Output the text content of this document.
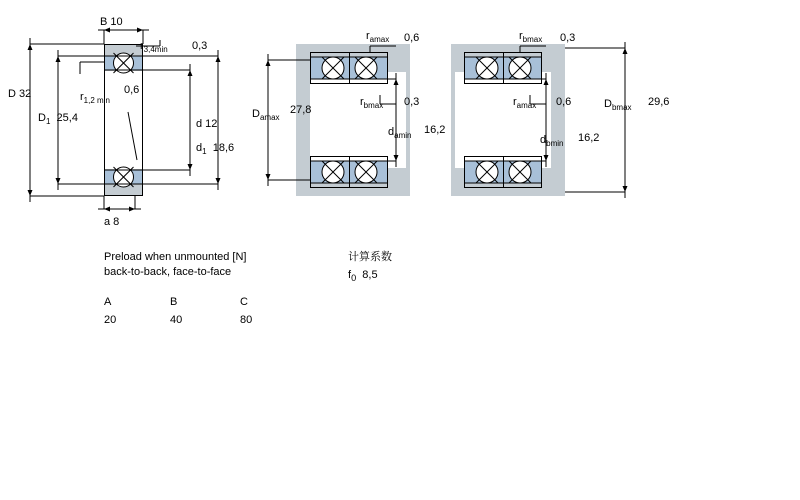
B 10
$r_{3,4min}$ 0,3
D 32
$D_1$ 25,4
$r_{1,2 min}$
0,6
d 12
$d_1$ 18,6
a 8
$r_{amax}$ 0,6	$r_{bmax}$ 0,3
$D_{amax}$
27,8
$r_{bmax}$ 0,3
$d_{amin}$ 16,2
$r_{amax}$ 0,6	$D_{bmax}$ 29,6
$d_{bmin}$ 16,2
Preload when unmounted [N]
back-to-back, face-to-face
A	B	C
20	40	80
计算系数
$f_0$ 8,5
